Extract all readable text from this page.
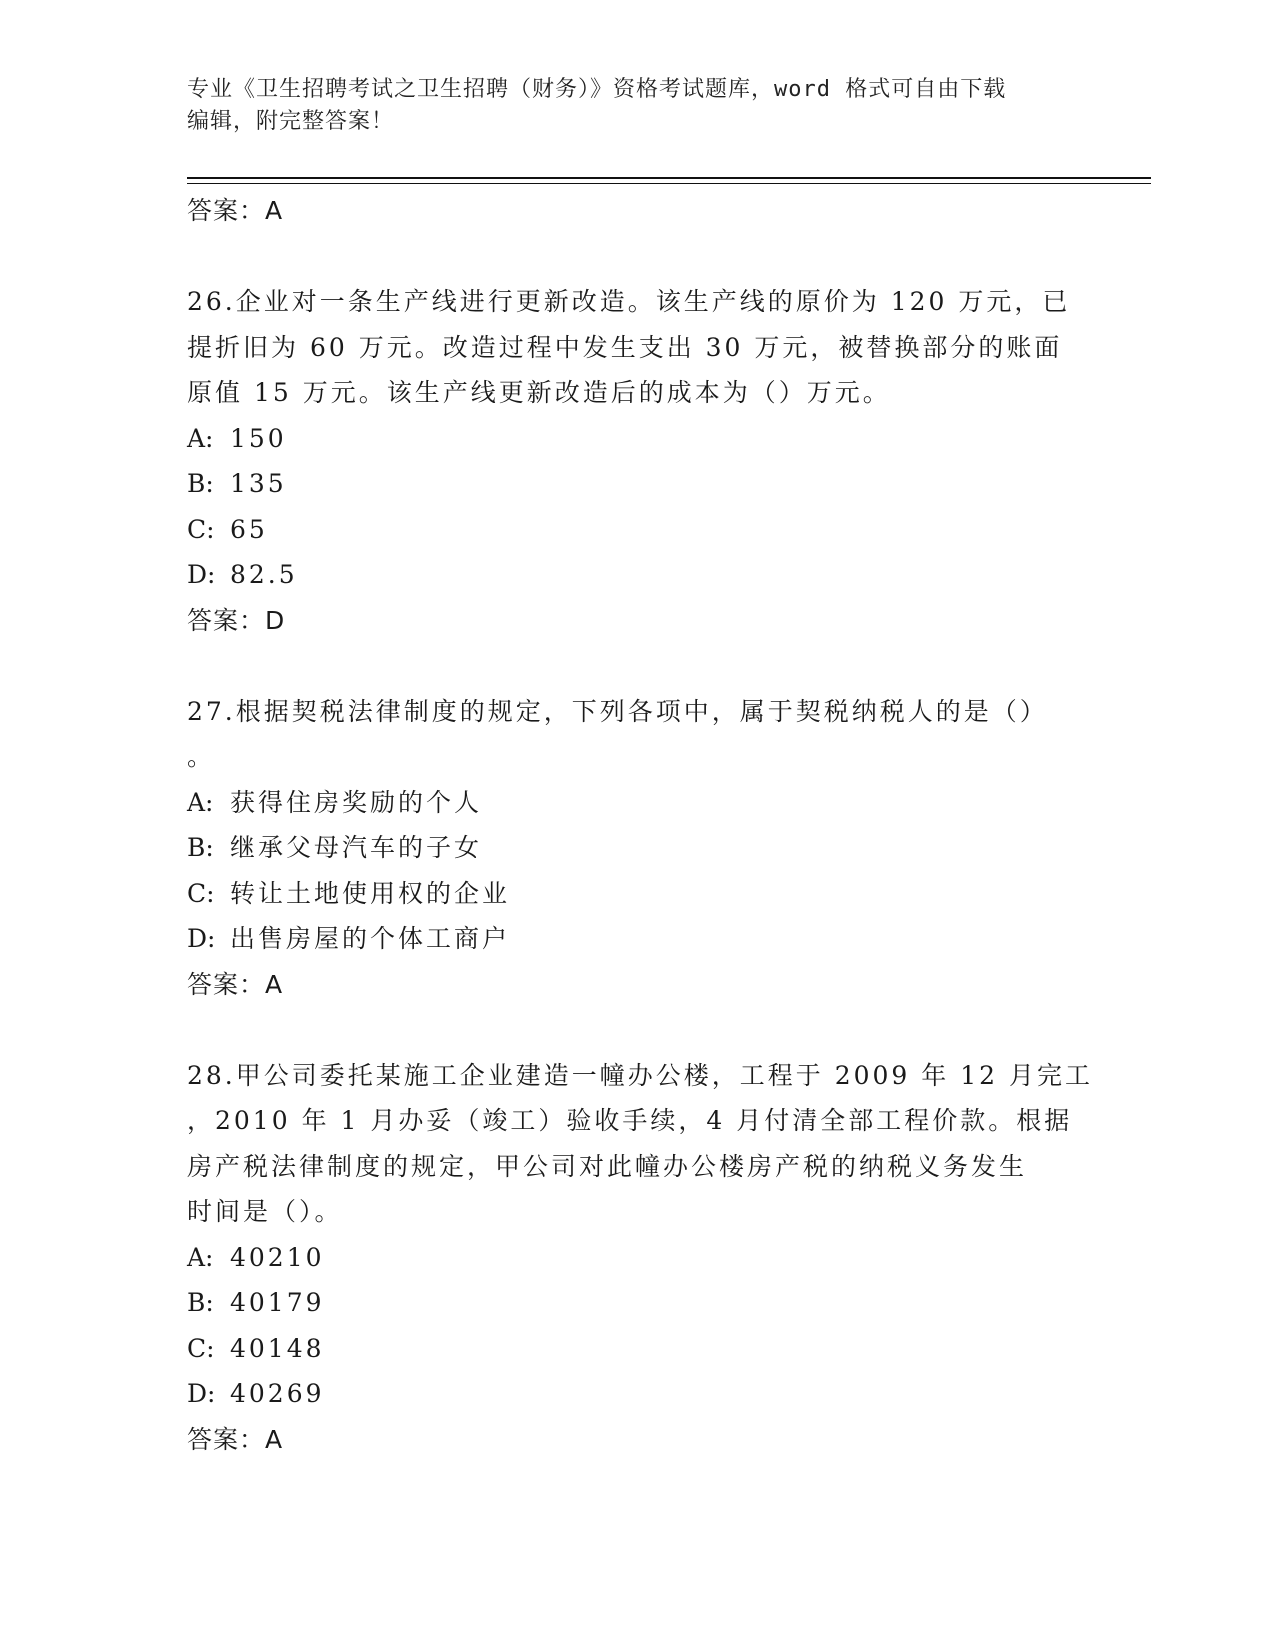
专业《卫生招聘考试之卫生招聘（财务）》资格考试题库，word 格式可自由下载
编辑，附完整答案！
答案：A
26.企业对一条生产线进行更新改造。该生产线的原价为 120 万元，已
提折旧为 60 万元。改造过程中发生支出 30 万元，被替换部分的账面
原值 15 万元。该生产线更新改造后的成本为（）万元。
A: 150
B: 135
C: 65
D: 82.5
答案：D
27.根据契税法律制度的规定，下列各项中，属于契税纳税人的是（）
。
A: 获得住房奖励的个人
B: 继承父母汽车的子女
C: 转让土地使用权的企业
D: 出售房屋的个体工商户
答案：A
28.甲公司委托某施工企业建造一幢办公楼，工程于 2009 年 12 月完工
，2010 年 1 月办妥（竣工）验收手续，4 月付清全部工程价款。根据
房产税法律制度的规定，甲公司对此幢办公楼房产税的纳税义务发生
时间是（）。
A: 40210
B: 40179
C: 40148
D: 40269
答案：A
